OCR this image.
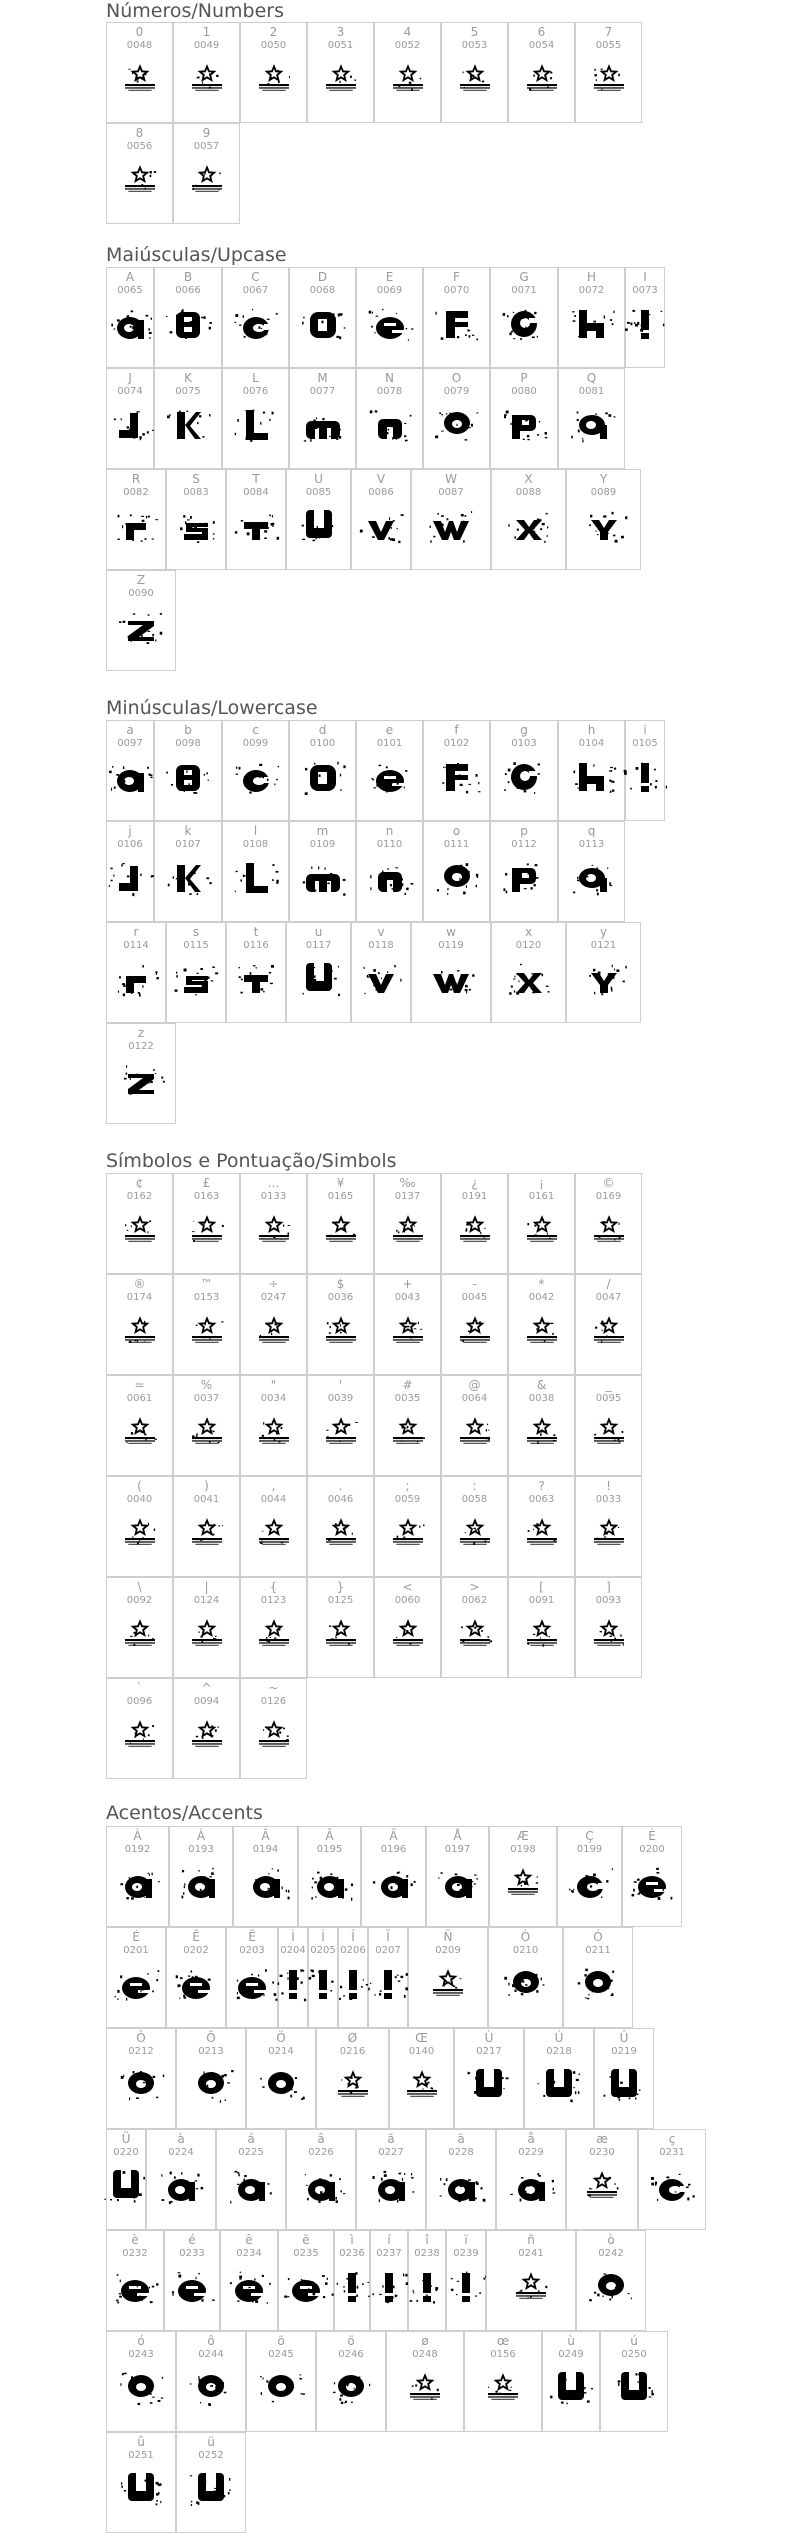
Números/Numbers
0
0048
1
0049
2
0050
3
0051
4
0052
5
0053
6
0054
7
0055
8
0056
9
0057
Maiúsculas/Upcase
A
0065
B
0066
C
0067
D
0068
E
0069
F
0070
G
0071
H
0072
I
0073
J
0074
K
0075
L
0076
M
0077
N
0078
O
0079
P
0080
Q
0081
R
0082
S
0083
T
0084
U
0085
V
0086
W
0087
X
0088
Y
0089
Z
0090
Minúsculas/Lowercase
a
0097
b
0098
c
0099
d
0100
e
0101
f
0102
g
0103
h
0104
i
0105
j
0106
k
0107
l
0108
m
0109
n
0110
o
0111
p
0112
q
0113
r
0114
s
0115
t
0116
u
0117
v
0118
w
0119
x
0120
y
0121
z
0122
Símbolos e Pontuação/Simbols
¢
0162
£
0163
…
0133
¥
0165
‰
0137
¿
0191
¡
0161
©
0169
®
0174
™
0153
÷
0247
$
0036
+
0043
-
0045
*
0042
/
0047
=
0061
%
0037
"
0034
'
0039
#
0035
@
0064
&
0038
_
0095
(
0040
)
0041
,
0044
.
0046
;
0059
:
0058
?
0063
!
0033
\
0092
|
0124
{
0123
}
0125
<
0060
>
0062
[
0091
]
0093
`
0096
^
0094
~
0126
Acentos/Accents
À
0192
Á
0193
Â
0194
Ã
0195
Ä
0196
Å
0197
Æ
0198
Ç
0199
È
0200
É
0201
Ê
0202
Ë
0203
Ì
0204
Í
0205
Î
0206
Ï
0207
Ñ
0209
Ò
0210
Ó
0211
Ô
0212
Õ
0213
Ö
0214
Ø
0216
Œ
0140
Ù
0217
Ú
0218
Û
0219
Ü
0220
à
0224
á
0225
â
0226
ã
0227
ä
0228
å
0229
æ
0230
ç
0231
è
0232
é
0233
ê
0234
ë
0235
ì
0236
í
0237
î
0238
ï
0239
ñ
0241
ò
0242
ó
0243
ô
0244
õ
0245
ö
0246
ø
0248
œ
0156
ù
0249
ú
0250
û
0251
ü
0252
